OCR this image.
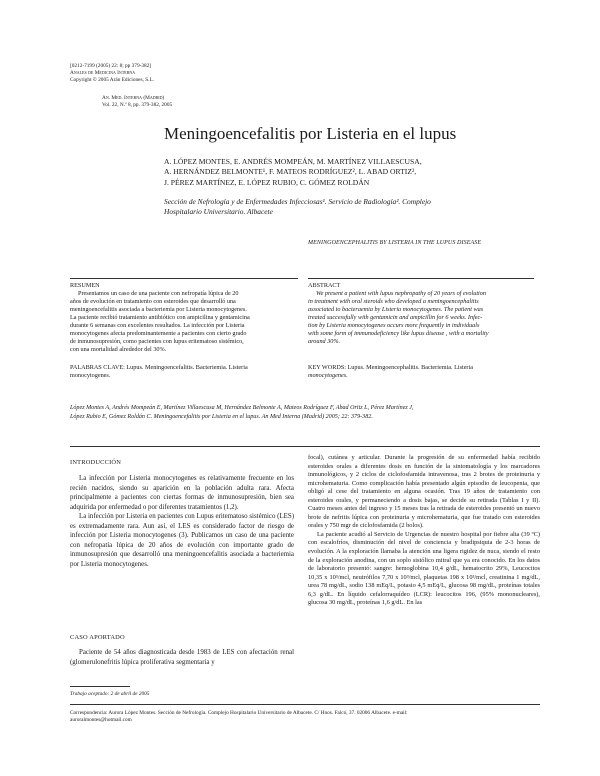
[0212-7199 (2005) 22: 8; pp 379-382]
Anales de Medicina Interna
Copyright © 2005 Arán Ediciones, S.L.
An. Med. Interna (Madrid)
Vol. 22, N.º 8, pp. 379-382, 2005
Meningoencefalitis por Listeria en el lupus
A. LÓPEZ MONTES, E. ANDRÉS MOMPEÁN, M. MARTÍNEZ VILLAESCUSA,
A. HERNÁNDEZ BELMONTE¹, F. MATEOS RODRÍGUEZ², L. ABAD ORTIZ²,
J. PÉREZ MARTÍNEZ, E. LÓPEZ RUBIO, C. GÓMEZ ROLDÁN
Sección de Nefrología y de Enfermedades Infecciosas¹. Servicio de Radiología². Complejo
Hospitalario Universitario. Albacete
MENINGOENCEPHALITIS BY LISTERIA IN THE LUPUS DISEASE
RESUMEN
Presentamos un caso de una paciente con nefropatía lúpica de 20
años de evolución en tratamiento con esteroides que desarrolló una
meningoencefalitis asociada a bacteriemia por Listeria monocytogenes.
La paciente recibió tratamiento antibiótico con ampicilina y gentamicina
durante 6 semanas con excelentes resultados. La infección por Listeria
monocytogenes afecta predominantemente a pacientes con cierto grado
de inmunosupresión, como pacientes con lupus eritematoso sistémico,
con una mortalidad alrededor del 30%.
PALABRAS CLAVE: Lupus. Meningoencefalitis. Bacteriemia. Listeria
monocytogenes.
ABSTRACT
We present a patient with lupus nephropathy of 20 years of evolution
in treatment with oral steroids who developed a meningoencephalitis
associated to bacteraemia by Listeria monocytogenes. The patient was
treated successfully with gentamicin and ampicillin for 6 weeks. Infec-
tion by Listeria monocytogenes occurs more frequently in individuals
with some form of immunodeficiency like lupus disease , with a mortality
around 30%.
KEY WORDS: Lupus. Meningoencephalitis. Bacteriemia. Listeria
monocytogenes.
López Montes A, Andrés Mompeán E, Martínez Villaescusa M, Hernández Belmonte A, Mateos Rodríguez F, Abad Ortiz L, Pérez Martínez J,
López Rubio E, Gómez Roldán C. Meningoencefalitis por Listeria en el lupus. An Med Interna (Madrid) 2005; 22: 379-382.
INTRODUCCIÓN

La infección por Listeria monocytogenes es relativamente frecuente en los recién nacidos, siendo su aparición en la población adulta rara. Afecta principalmente a pacientes con ciertas formas de inmunosupresión, bien sea adquirida por enfermedad o por diferentes tratamientos (1,2).

La infección por Listeria en pacientes con Lupus eritematoso sistémico (LES) es extremadamente rara. Aun así, el LES es considerado factor de riesgo de infección por Listeria monocytogenes (3). Publicamos un caso de una paciente con nefropatía lúpica de 20 años de evolución con importante grado de inmunosupresión que desarrolló una meningoencefalitis asociada a bacteriemia por Listeria monocytogenes.

CASO APORTADO

Paciente de 54 años diagnosticada desde 1983 de LES con afectación renal (glomerulonefritis lúpica proliferativa segmentaria y

focal), cutánea y articular. Durante la progresión de su enfermedad había recibido esteroides orales a diferentes dosis en función de la sintomatología y los marcadores inmunológicos, y 2 ciclos de ciclofosfamida intravenosa, tras 2 brotes de proteinuria y microhematuria. Como complicación había presentado algún episodio de leucopenia, que obligó al cese del tratamiento en alguna ocasión. Tras 19 años de tratamiento con esteroides orales, y permaneciendo a dosis bajas, se decide su retirada (Tablas I y II). Cuatro meses antes del ingreso y 15 meses tras la retirada de esteroides presentó un nuevo brote de nefritis lúpica con proteinuria y microhematuria, que fue tratado con esteroides orales y 750 mgr de ciclofosfamida (2 bolos).

La paciente acudió al Servicio de Urgencias de nuestro hospital por fiebre alta (39 ºC) con escalofríos, disminución del nivel de conciencia y bradipsiquia de 2-3 horas de evolución. A la exploración llamaba la atención una ligera rigidez de nuca, siendo el resto de la exploración anodina, con un soplo sistólico mitral que ya era conocido. En los datos de laboratorio presentó: sangre: hemoglobina 10,4 g/dL, hematocrito 29%, Leucocitos 10,35 x 10³/mcl, neutrófilos 7,70 x 10³/mcl, plaquetas 198 x 10³/mcl, creatinina 1 mg/dL, urea 78 mg/dL, sodio 138 mEq/L, potasio 4,5 mEq/L, glucosa 98 mg/dL, proteínas totales 6,3 g/dL. En líquido cefalorraquídeo (LCR): leucocitos 196, (95% mononucleares), glucosa 30 mg/dL, proteínas 1,6 g/dL. En las

Trabajo aceptado: 2 de abril de 2005
Correspondencia: Aurora López Montes. Sección de Nefrología. Complejo Hospitalario Universitario de Albacete. C/ Hnos. Falcó, 37. 02006 Albacete. e-mail:
auroralmontes@hotmail.com
